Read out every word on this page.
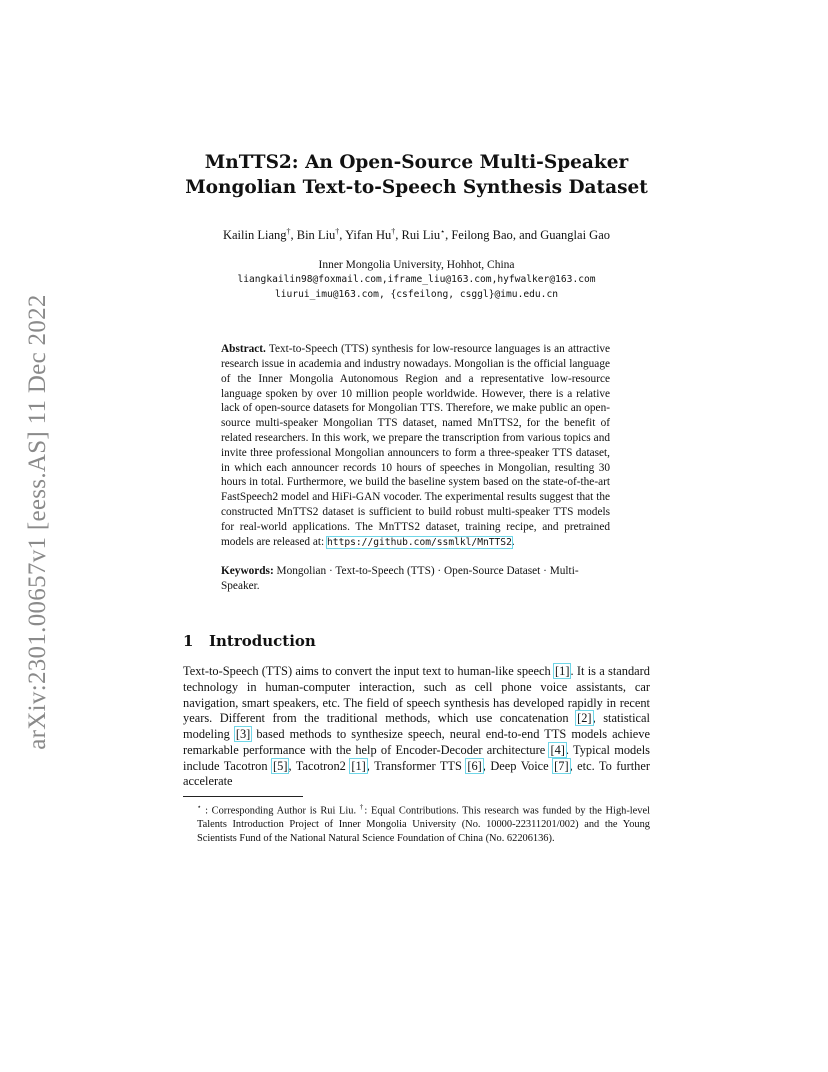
arXiv:2301.00657v1 [eess.AS] 11 Dec 2022
MnTTS2: An Open-Source Multi-Speaker
Mongolian Text-to-Speech Synthesis Dataset
Kailin Liang†, Bin Liu†, Yifan Hu†, Rui Liu⋆, Feilong Bao, and Guanglai Gao
Inner Mongolia University, Hohhot, China
liangkailin98@foxmail.com,iframe_liu@163.com,hyfwalker@163.com
liurui_imu@163.com, {csfeilong, csggl}@imu.edu.cn
Abstract. Text-to-Speech (TTS) synthesis for low-resource languages is an attractive research issue in academia and industry nowadays. Mongolian is the official language of the Inner Mongolia Autonomous Region and a representative low-resource language spoken by over 10 million people worldwide. However, there is a relative lack of open-source datasets for Mongolian TTS. Therefore, we make public an open-source multi-speaker Mongolian TTS dataset, named MnTTS2, for the benefit of related researchers. In this work, we prepare the transcription from various topics and invite three professional Mongolian announcers to form a three-speaker TTS dataset, in which each announcer records 10 hours of speeches in Mongolian, resulting 30 hours in total. Furthermore, we build the baseline system based on the state-of-the-art FastSpeech2 model and HiFi-GAN vocoder. The experimental results suggest that the constructed MnTTS2 dataset is sufficient to build robust multi-speaker TTS models for real-world applications. The MnTTS2 dataset, training recipe, and pretrained models are released at: https://github.com/ssmlkl/MnTTS2.
Keywords: Mongolian · Text-to-Speech (TTS) · Open-Source Dataset · Multi-Speaker.
1 Introduction
Text-to-Speech (TTS) aims to convert the input text to human-like speech [1]. It is a standard technology in human-computer interaction, such as cell phone voice assistants, car navigation, smart speakers, etc. The field of speech synthesis has developed rapidly in recent years. Different from the traditional methods, which use concatenation [2], statistical modeling [3] based methods to synthesize speech, neural end-to-end TTS models achieve remarkable performance with the help of Encoder-Decoder architecture [4]. Typical models include Tacotron [5], Tacotron2 [1], Transformer TTS [6], Deep Voice [7], etc. To further accelerate
⋆ : Corresponding Author is Rui Liu. †: Equal Contributions. This research was funded by the High-level Talents Introduction Project of Inner Mongolia University (No. 10000-22311201/002) and the Young Scientists Fund of the National Natural Science Foundation of China (No. 62206136).
